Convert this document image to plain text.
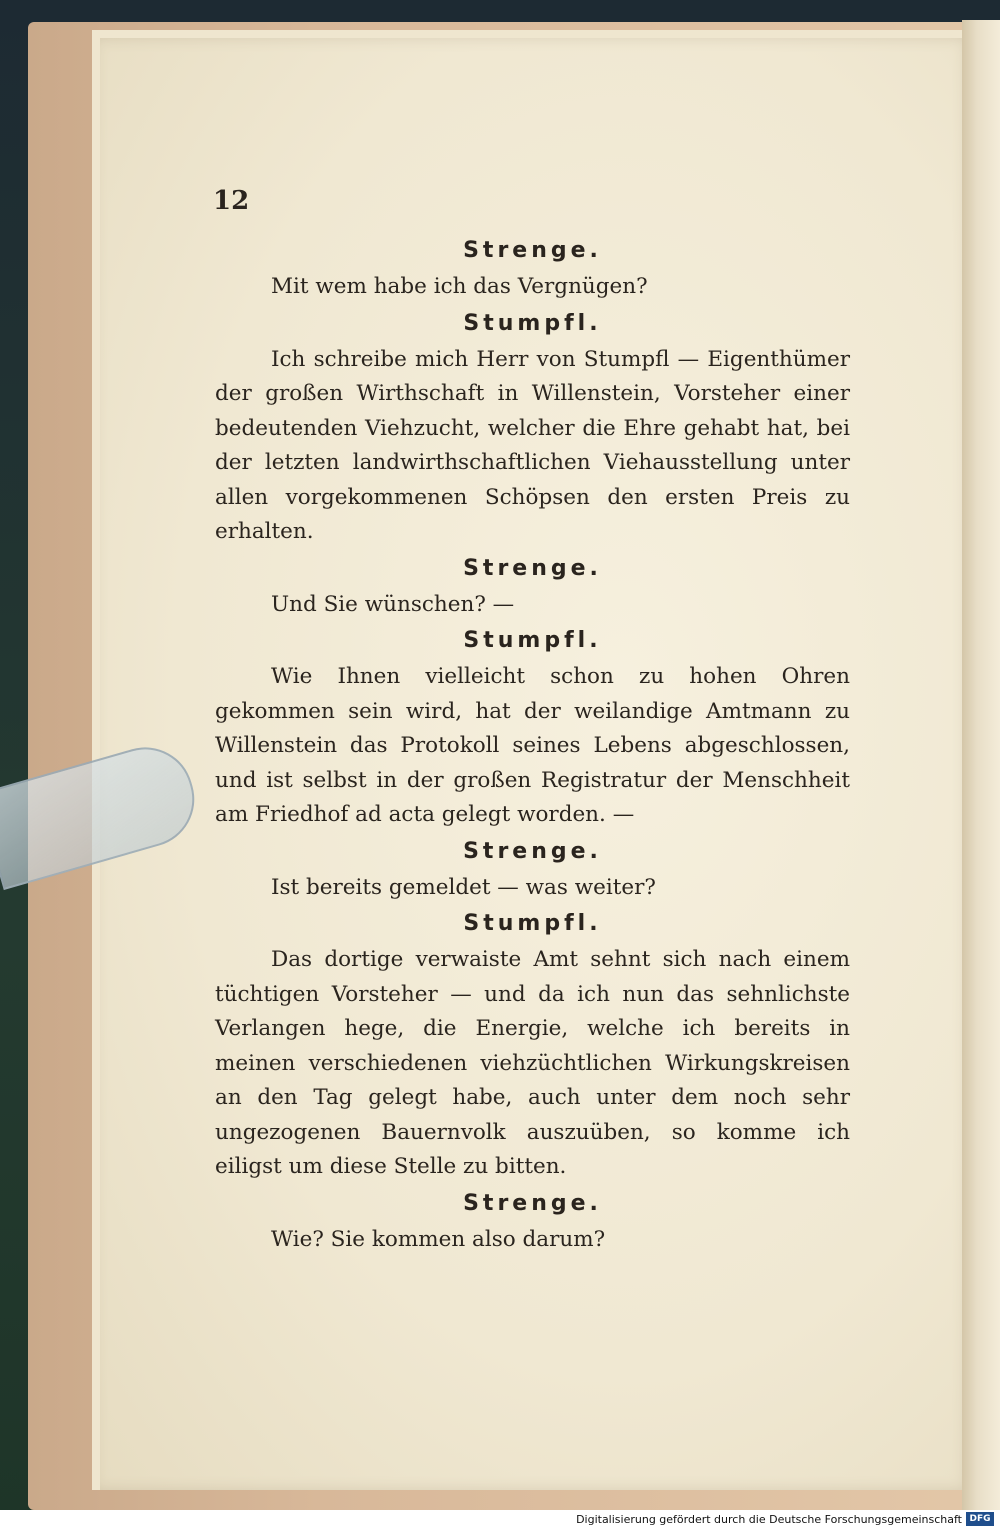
12
Strenge.

Mit wem habe ich das Vergnügen?

Stumpfl.

Ich schreibe mich Herr von Stumpfl — Eigenthümer der großen Wirthschaft in Willenstein, Vorsteher einer bedeutenden Viehzucht, welcher die Ehre gehabt hat, bei der letzten landwirthschaftlichen Viehausstellung unter allen vorgekommenen Schöpsen den ersten Preis zu erhalten.

Strenge.

Und Sie wünschen? —

Stumpfl.

Wie Ihnen vielleicht schon zu hohen Ohren gekommen sein wird, hat der weilandige Amtmann zu Willenstein das Protokoll seines Lebens abgeschlossen, und ist selbst in der großen Registratur der Menschheit am Friedhof ad acta gelegt worden. —

Strenge.

Ist bereits gemeldet — was weiter?

Stumpfl.

Das dortige verwaiste Amt sehnt sich nach einem tüchtigen Vorsteher — und da ich nun das sehnlichste Verlangen hege, die Energie, welche ich bereits in meinen verschiedenen viehzüchtlichen Wirkungskreisen an den Tag gelegt habe, auch unter dem noch sehr ungezogenen Bauernvolk auszuüben, so komme ich eiligst um diese Stelle zu bitten.

Strenge.

Wie? Sie kommen also darum?

Digitalisierung gefördert durch die Deutsche Forschungsgemeinschaft DFG
